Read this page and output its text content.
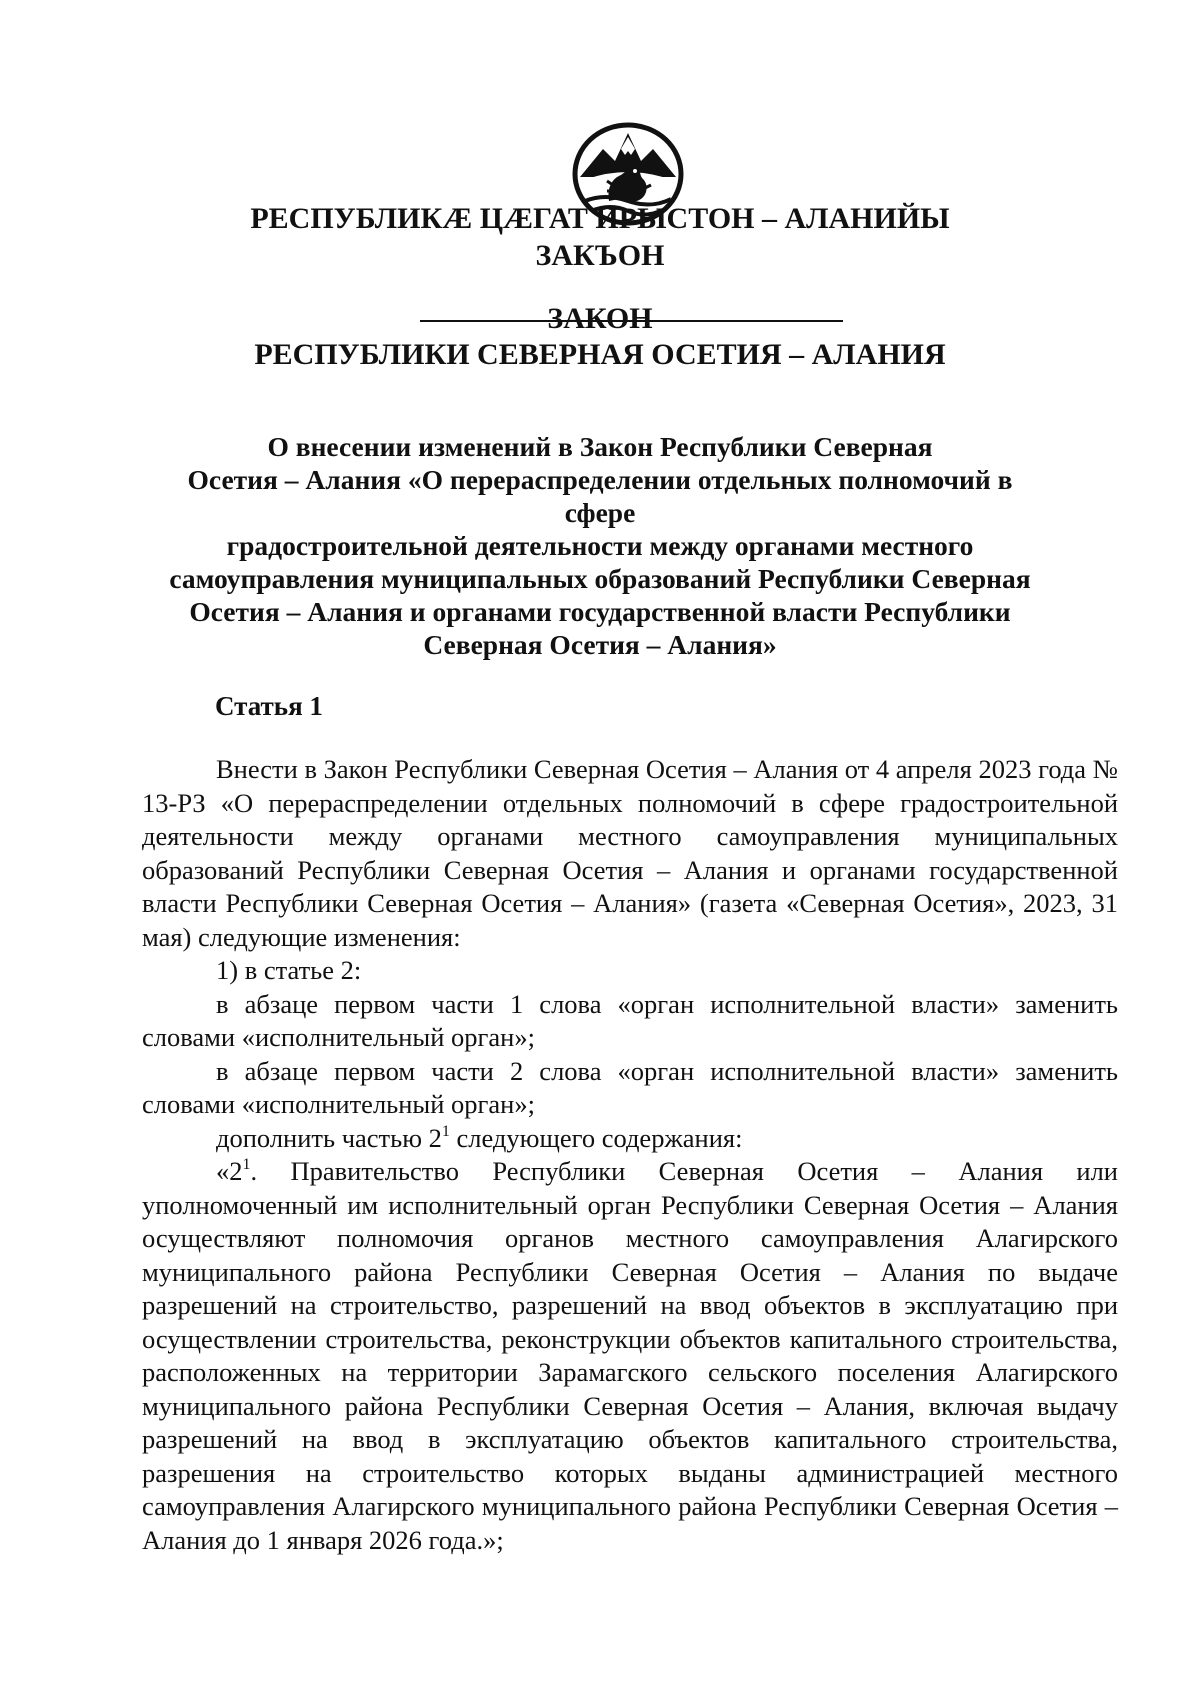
РЕСПУБЛИКÆ ЦÆГАТ ИРЫСТОН – АЛАНИЙЫ
ЗАКЪОН
ЗАКОН
РЕСПУБЛИКИ СЕВЕРНАЯ ОСЕТИЯ – АЛАНИЯ
О внесении изменений в Закон Республики Северная
Осетия – Алания «О перераспределении отдельных полномочий в сфере
градостроительной деятельности между органами местного
самоуправления муниципальных образований Республики Северная
Осетия – Алания и органами государственной власти Республики
Северная Осетия – Алания»
Статья 1

Внести в Закон Республики Северная Осетия – Алания от 4 апреля 2023 года № 13-РЗ «О перераспределении отдельных полномочий в сфере градостроительной деятельности между органами местного самоуправления муниципальных образований Республики Северная Осетия – Алания и органами государственной власти Республики Северная Осетия – Алания» (газета «Северная Осетия», 2023, 31 мая) следующие изменения:

1) в статье 2:

в абзаце первом части 1 слова «орган исполнительной власти» заменить словами «исполнительный орган»;

в абзаце первом части 2 слова «орган исполнительной власти» заменить словами «исполнительный орган»;

дополнить частью $2^1$ следующего содержания:

«$2^1$. Правительство Республики Северная Осетия – Алания или уполномоченный им исполнительный орган Республики Северная Осетия – Алания осуществляют полномочия органов местного самоуправления Алагирского муниципального района Республики Северная Осетия – Алания по выдаче разрешений на строительство, разрешений на ввод объектов в эксплуатацию при осуществлении строительства, реконструкции объектов капитального строительства, расположенных на территории Зарамагского сельского поселения Алагирского муниципального района Республики Северная Осетия – Алания, включая выдачу разрешений на ввод в эксплуатацию объектов капитального строительства, разрешения на строительство которых выданы администрацией местного самоуправления Алагирского муниципального района Республики Северная Осетия – Алания до 1 января 2026 года.»;
